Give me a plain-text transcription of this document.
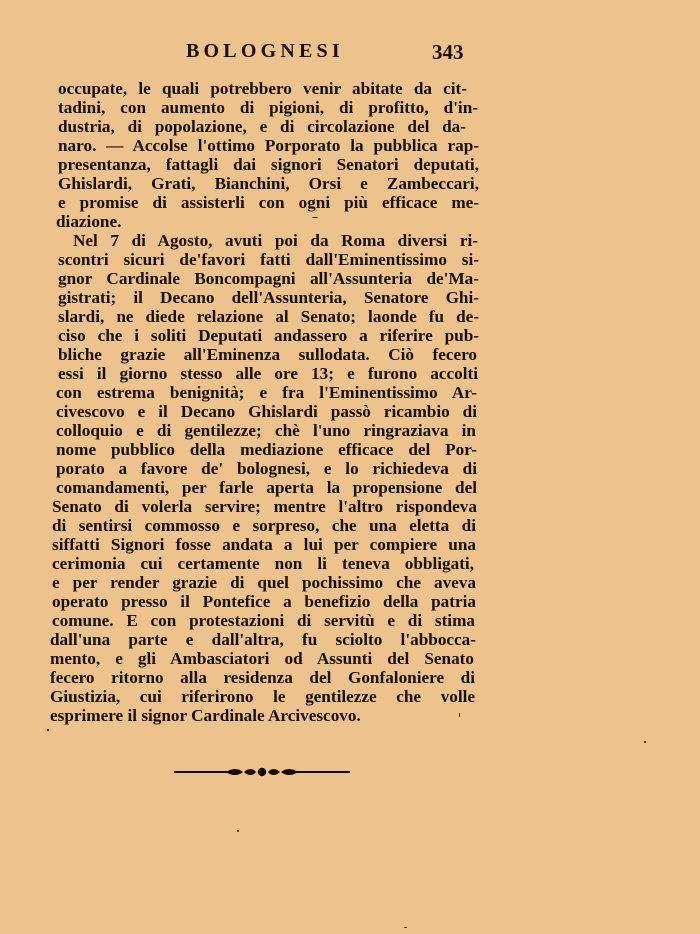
BOLOGNESI	343
occupate, le quali potrebbero venir abitate da cit-
tadini, con aumento di pigioni, di profitto, d'in-
dustria, di popolazione, e di circolazione del da-
naro. — Accolse l'ottimo Porporato la pubblica rap-
presentanza, fattagli dai signori Senatori deputati,
Ghislardi, Grati, Bianchini, Orsi e Zambeccari,
e promise di assisterli con ogni più efficace me-
diazione.
Nel 7 di Agosto, avuti poi da Roma diversi ri-
scontri sicuri de'favori fatti dall'Eminentissimo si-
gnor Cardinale Boncompagni all'Assunteria de'Ma-
gistrati; il Decano dell'Assunteria, Senatore Ghi-
slardi, ne diede relazione al Senato; laonde fu de-
ciso che i soliti Deputati andassero a riferire pub-
bliche grazie all'Eminenza sullodata. Ciò fecero
essi il giorno stesso alle ore 13; e furono accolti
con estrema benignità; e fra l'Eminentissimo Ar-
civescovo e il Decano Ghislardi passò ricambio di
colloquio e di gentilezze; chè l'uno ringraziava in
nome pubblico della mediazione efficace del Por-
porato a favore de' bolognesi, e lo richiedeva di
comandamenti, per farle aperta la propensione del
Senato di volerla servire; mentre l'altro rispondeva
di sentirsi commosso e sorpreso, che una eletta di
siffatti Signori fosse andata a lui per compiere una
cerimonia cui certamente non li teneva obbligati,
e per render grazie di quel pochissimo che aveva
operato presso il Pontefice a benefizio della patria
comune. E con protestazioni di servitù e di stima
dall'una parte e dall'altra, fu sciolto l'abbocca-
mento, e gli Ambasciatori od Assunti del Senato
fecero ritorno alla residenza del Gonfaloniere di
Giustizia, cui riferirono le gentilezze che volle
esprimere il signor Cardinale Arcivescovo.
